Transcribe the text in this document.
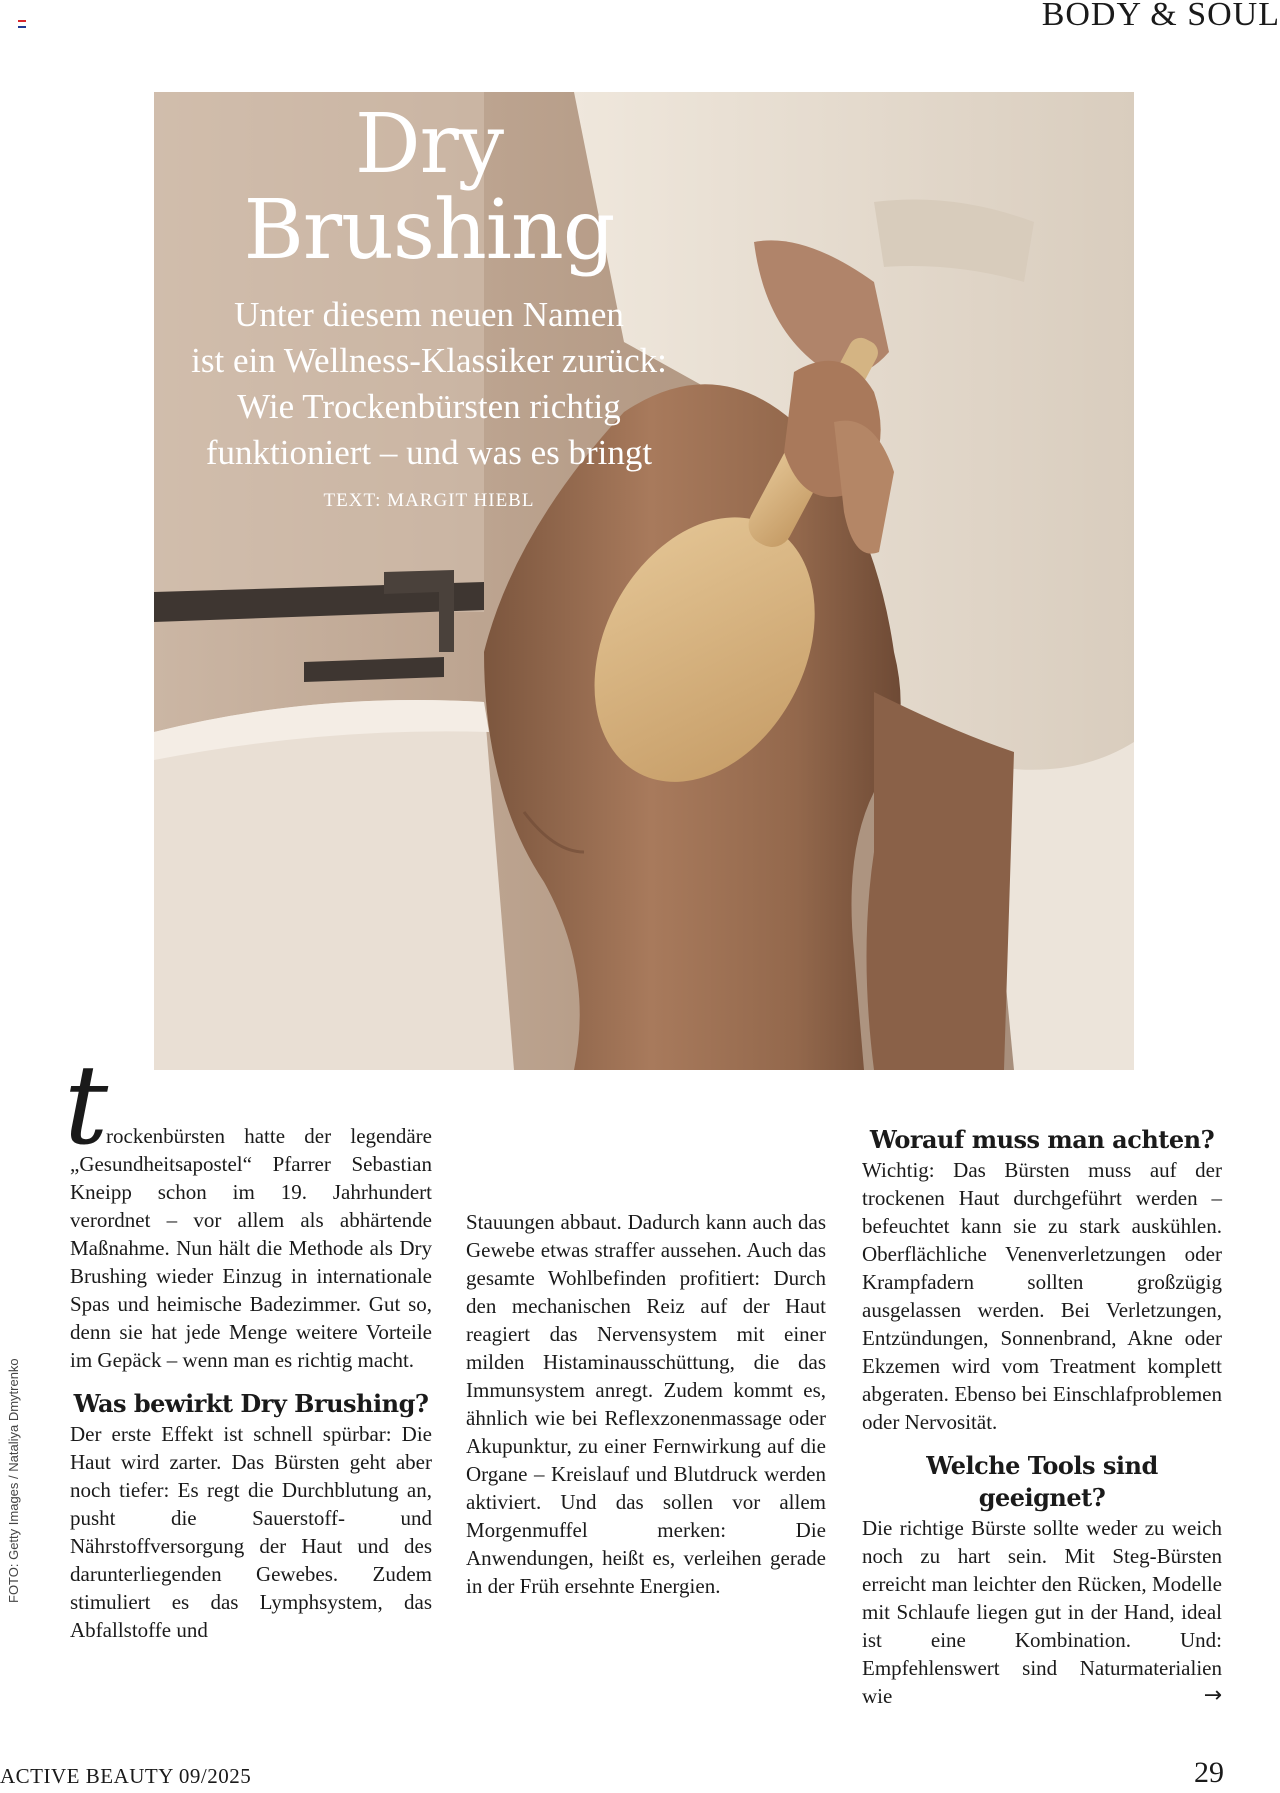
BODY & SOUL
Dry
Brushing
Unter diesem neuen Namen
ist ein Wellness-Klassiker zurück:
Wie Trockenbürsten richtig
funktioniert – und was es bringt
TEXT: MARGIT HIEBL
FOTO: Getty Images / Nataliya Dmytrenko
t

rockenbürsten hatte der legendäre „Gesundheitsapostel“ Pfarrer Sebastian Kneipp schon im 19. Jahrhundert verordnet – vor allem als abhärtende Maßnahme. Nun hält die Methode als Dry Brushing wieder Einzug in internationale Spas und heimische Badezimmer. Gut so, denn sie hat jede Menge weitere Vorteile im Gepäck – wenn man es richtig macht.

Was bewirkt Dry Brushing?

Der erste Effekt ist schnell spürbar: Die Haut wird zarter. Das Bürsten geht aber noch tiefer: Es regt die Durchblutung an, pusht die Sauerstoff- und Nährstoffversorgung der Haut und des darunterliegenden Gewebes. Zudem stimuliert es das Lymphsystem, das Abfallstoffe und

Stauungen abbaut. Dadurch kann auch das Gewebe etwas straffer aussehen. Auch das gesamte Wohlbefinden profitiert: Durch den mechanischen Reiz auf der Haut reagiert das Nervensystem mit einer milden Histaminausschüttung, die das Immunsystem anregt. Zudem kommt es, ähnlich wie bei Reflexzonenmassage oder Akupunktur, zu einer Fernwirkung auf die Organe – Kreislauf und Blutdruck werden aktiviert. Und das sollen vor allem Morgenmuffel merken: Die Anwendungen, heißt es, verleihen gerade in der Früh ersehnte Energien.

Worauf muss man achten?

Wichtig: Das Bürsten muss auf der trockenen Haut durchgeführt werden – befeuchtet kann sie zu stark auskühlen. Oberflächliche Venenverletzungen oder Krampfadern sollten großzügig ausgelassen werden. Bei Verletzungen, Entzündungen, Sonnenbrand, Akne oder Ekzemen wird vom Treatment komplett abgeraten. Ebenso bei Einschlafproblemen oder Nervosität.

Welche Tools sind geeignet?

Die richtige Bürste sollte weder zu weich noch zu hart sein. Mit Steg-Bürsten erreicht man leichter den Rücken, Modelle mit Schlaufe liegen gut in der Hand, ideal ist eine Kombination. Und: Empfehlenswert sind Naturmaterialien wie	→

ACTIVE BEAUTY 09/2025	29
